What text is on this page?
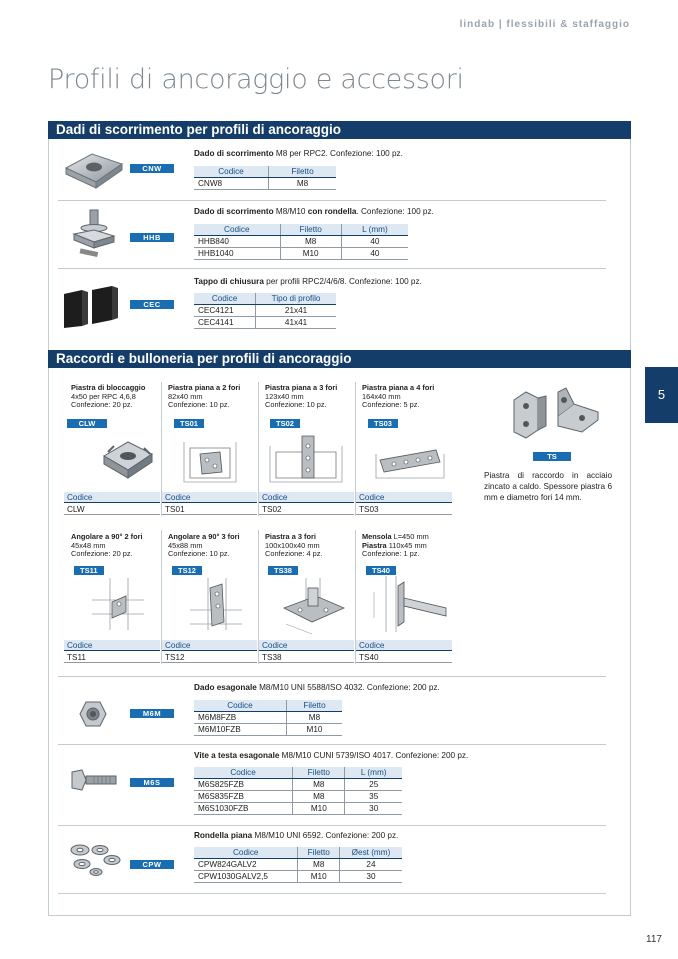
lindab | flessibili & staffaggio
Profili di ancoraggio e accessori
Dadi di scorrimento per profili di ancoraggio
CNW
Dado di scorrimento M8 per RPC2. Confezione: 100 pz.
Codice	Filetto
CNW8	M8
HHB
Dado di scorrimento M8/M10 con rondella. Confezione: 100 pz.
Codice	Filetto	L (mm)
HHB840	M8	40
HHB1040	M10	40
CEC
Tappo di chiusura per profili RPC2/4/6/8. Confezione: 100 pz.
Codice	Tipo di profilo
CEC4121	21x41
CEC4141	41x41
Raccordi e bulloneria per profili di ancoraggio
Piastra di bloccaggio
4x50 per RPC 4,6,8
Confezione: 20 pz.
Piastra piana a 2 fori
82x40 mm
Confezione: 10 pz.
Piastra piana a 3 fori
123x40 mm
Confezione: 10 pz.
Piastra piana a 4 fori
164x40 mm
Confezione: 5 pz.
CLW	TS01	TS02	TS03
Codice	Codice	Codice	Codice
CLW	TS01	TS02	TS03
TS
Piastra di raccordo in acciaio zincato a caldo. Spessore piastra 6 mm e diametro fori 14 mm.
Angolare a 90° 2 fori
45x48 mm
Confezione: 20 pz.
Angolare a 90° 3 fori
45x88 mm
Confezione: 10 pz.
Piastra a 3 fori
100x100x40 mm
Confezione: 4 pz.
Mensola L=450 mm
Piastra 110x45 mm
Confezione: 1 pz.
TS11	TS12	TS38	TS40
Codice	Codice	Codice	Codice
TS11	TS12	TS38	TS40
M6M
Dado esagonale M8/M10 UNI 5588/ISO 4032. Confezione: 200 pz.
Codice	Filetto
M6M8FZB	M8
M6M10FZB	M10
M6S
Vite a testa esagonale M8/M10 CUNI 5739/ISO 4017. Confezione: 200 pz.
Codice	Filetto	L (mm)
M6S825FZB	M8	25
M6S835FZB	M8	35
M6S1030FZB	M10	30
CPW
Rondella piana M8/M10 UNI 6592. Confezione: 200 pz.
Codice	Filetto	Øest (mm)
CPW824GALV2	M8	24
CPW1030GALV2,5	M10	30
5
117
